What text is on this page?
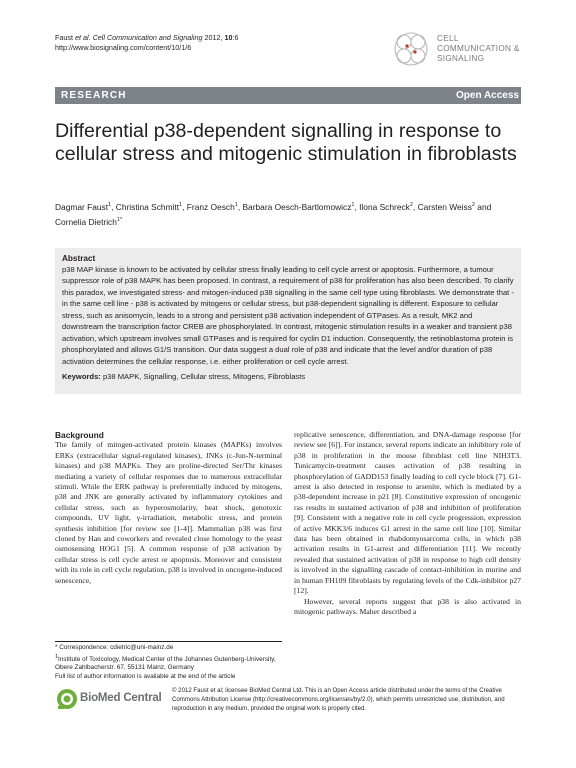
Faust et al. Cell Communication and Signaling 2012, 10:6
http://www.biosignaling.com/content/10/1/6
CELL
COMMUNICATION &
SIGNALING
RESEARCH	Open Access
Differential p38-dependent signalling in response to cellular stress and mitogenic stimulation in fibroblasts
Dagmar Faust$^1$, Christina Schmitt$^1$, Franz Oesch$^1$, Barbara Oesch-Bartlomowicz$^1$, Ilona Schreck$^2$, Carsten Weiss$^2$ and
Cornelia Dietrich$^{1*}$
Abstract
p38 MAP kinase is known to be activated by cellular stress finally leading to cell cycle arrest or apoptosis. Furthermore, a tumour suppressor role of p38 MAPK has been proposed. In contrast, a requirement of p38 for proliferation has also been described. To clarify this paradox, we investigated stress- and mitogen-induced p38 signalling in the same cell type using fibroblasts. We demonstrate that - in the same cell line - p38 is activated by mitogens or cellular stress, but p38-dependent signalling is different. Exposure to cellular stress, such as anisomycin, leads to a strong and persistent p38 activation independent of GTPases. As a result, MK2 and downstream the transcription factor CREB are phosphorylated. In contrast, mitogenic stimulation results in a weaker and transient p38 activation, which upstream involves small GTPases and is required for cyclin D1 induction. Consequently, the retinoblastoma protein is phosphorylated and allows G1/S transition. Our data suggest a dual role of p38 and indicate that the level and/or duration of p38 activation determines the cellular response, i.e. either proliferation or cell cycle arrest.
Keywords: p38 MAPK, Signalling, Cellular stress, Mitogens, Fibroblasts
Background
The family of mitogen-activated protein kinases (MAPKs) involves ERKs (extracellular signal-regulated kinases), JNKs (c-Jun-N-terminal kinases) and p38 MAPKs. They are proline-directed Ser/Thr kinases mediating a variety of cellular responses due to numerous extracellular stimuli. While the ERK pathway is preferentially induced by mitogens, p38 and JNK are generally activated by inflammatory cytokines and cellular stress, such as hyperosmolarity, heat shock, genotoxic compounds, UV light, γ-irradiation, metabolic stress, and protein synthesis inhibition [for review see [1-4]]. Mammalian p38 was first cloned by Han and coworkers and revealed close homology to the yeast osmosensing HOG1 [5]. A common response of p38 activation by cellular stress is cell cycle arrest or apoptosis. Moreover and consistent with its role in cell cycle regulation, p38 is involved in oncogene-induced senescence,
replicative senescence, differentiation, and DNA-damage response [for review see [6]]. For instance, several reports indicate an inhibitory role of p38 in proliferation in the mouse fibroblast cell line NIH3T3. Tunicamycin-treatment causes activation of p38 resulting in phosphorylation of GADD153 finally leading to cell cycle block [7]. G1-arrest is also detected in response to arsenite, which is mediated by a p38-dependent increase in p21 [8]. Constitutive expression of oncogenic ras results in sustained activation of p38 and inhibition of proliferation [9]. Consistent with a negative role in cell cycle progression, expression of active MKK3/6 induces G1 arrest in the same cell line [10]. Similar data has been obtained in rhabdomyosarcoma cells, in which p38 activation results in G1-arrest and differentiation [11]. We recently revealed that sustained activation of p38 in response to high cell density is involved in the signalling cascade of contact-inhibition in murine and in human FH109 fibroblasts by regulating levels of the Cdk-inhibitor p27 [12].
However, several reports suggest that p38 is also activated in mitogenic pathways. Maher described a
* Correspondence: cdietric@uni-mainz.de
$^1$Institute of Toxicology, Medical Center of the Johannes Gutenberg-University, Obere Zahlbacherstr. 67, 55131 Mainz, Germany
Full list of author information is available at the end of the article
BioMed Central
© 2012 Faust et al; licensee BioMed Central Ltd. This is an Open Access article distributed under the terms of the Creative Commons Attribution License (http://creativecommons.org/licenses/by/2.0), which permits unrestricted use, distribution, and reproduction in any medium, provided the original work is properly cited.
